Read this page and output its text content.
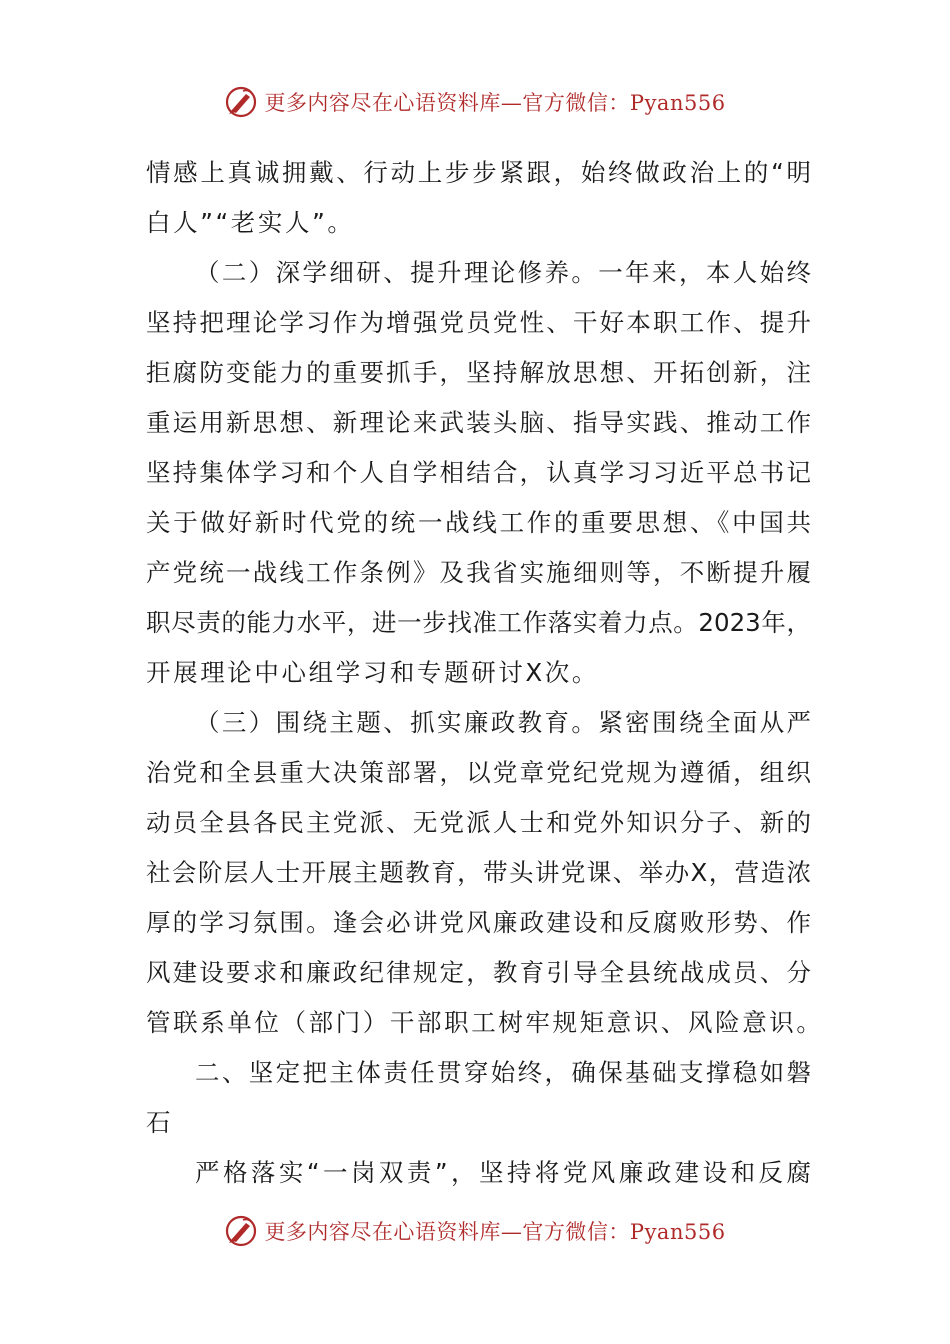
更多内容尽在心语资料库—官方微信：Pyan556
情感上真诚拥戴、行动上步步紧跟，始终做政治上的“明
白人”“老实人”。
（二）深学细研、提升理论修养。一年来，本人始终
坚持把理论学习作为增强党员党性、干好本职工作、提升
拒腐防变能力的重要抓手，坚持解放思想、开拓创新，注
重运用新思想、新理论来武装头脑、指导实践、推动工作
坚持集体学习和个人自学相结合，认真学习习近平总书记
关于做好新时代党的统一战线工作的重要思想、《中国共
产党统一战线工作条例》及我省实施细则等，不断提升履
职尽责的能力水平，进一步找准工作落实着力点。2023年，
开展理论中心组学习和专题研讨X次。
（三）围绕主题、抓实廉政教育。紧密围绕全面从严
治党和全县重大决策部署，以党章党纪党规为遵循，组织
动员全县各民主党派、无党派人士和党外知识分子、新的
社会阶层人士开展主题教育，带头讲党课、举办X，营造浓
厚的学习氛围。逢会必讲党风廉政建设和反腐败形势、作
风建设要求和廉政纪律规定，教育引导全县统战成员、分
管联系单位（部门）干部职工树牢规矩意识、风险意识。
二、坚定把主体责任贯穿始终，确保基础支撑稳如磐
石
严格落实“一岗双责”，坚持将党风廉政建设和反腐
更多内容尽在心语资料库—官方微信：Pyan556
